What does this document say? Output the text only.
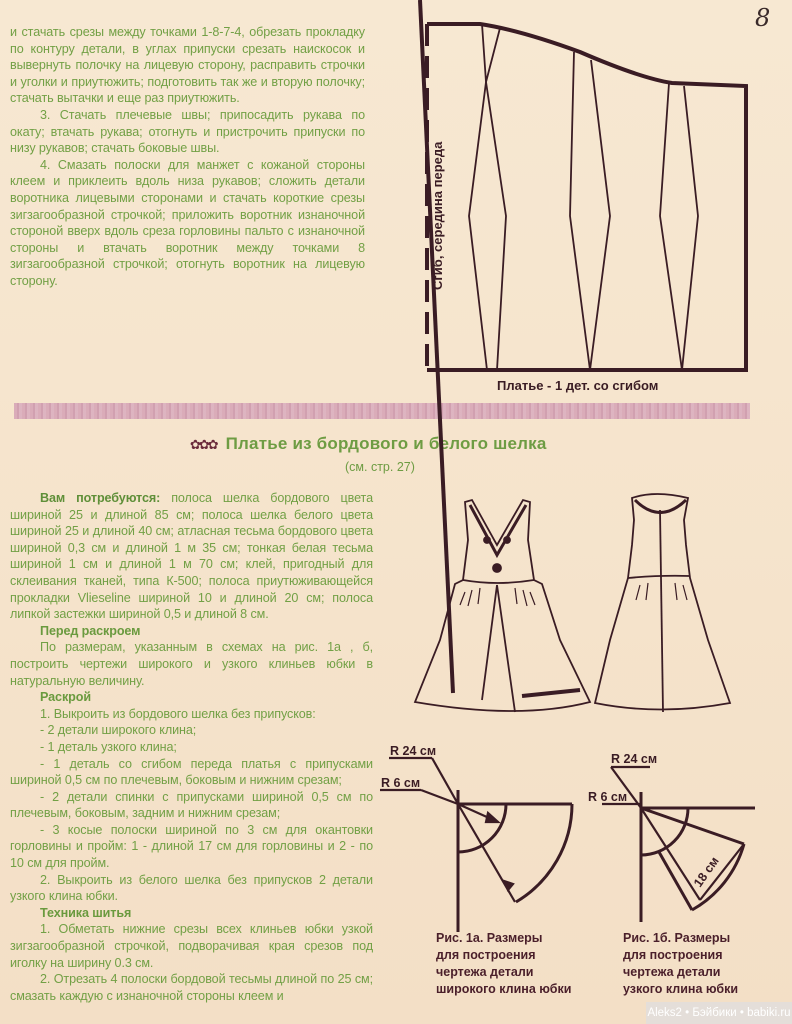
8

и стачать срезы между точками 1-8-7-4, обрезать прокладку по контуру детали, в углах припуски срезать наискосок и вывернуть полочку на лицевую сторону, расправить строчки и уголки и приутюжить; подготовить так же и вторую полочку; стачать вытачки и еще раз приутюжить.

3. Стачать плечевые швы; припосадить рукава по окату; втачать рукава; отогнуть и пристрочить припуски по низу рукавов; стачать боковые швы.

4. Смазать полоски для манжет с кожаной стороны клеем и приклеить вдоль низа рукавов; сложить детали воротника лицевыми сторонами и стачать короткие срезы зигзагообразной строчкой; приложить воротник изнаночной стороной вверх вдоль среза горловины пальто с изнаночной стороны и втачать воротник между точками 8 зигзагообразной строчкой; отогнуть воротник на лицевую сторону.	Сгиб, середина переда
Платье - 1 дет. со сгибом
✿✿✿ Платье из бордового и белого шелка
(см. стр. 27)

Вам потребуются: полоса шелка бордового цвета шириной 25 и длиной 85 см; полоса шелка белого цвета шириной 25 и длиной 40 см; атласная тесьма бордового цвета шириной 0,3 см и длиной 1 м 35 см; тонкая белая тесьма шириной 1 см и длиной 1 м 70 см; клей, пригодный для склеивания тканей, типа К-500; полоса приутюживающейся прокладки Vlieseline шириной 10 и длиной 20 см; полоса липкой застежки шириной 0,5 и длиной 8 см.

Перед раскроем

По размерам, указанным в схемах на рис. 1а , б, построить чертежи широкого и узкого клиньев юбки в натуральную величину.

Раскрой

1. Выкроить из бордового шелка без припусков:

- 2 детали широкого клина;

- 1 деталь узкого клина;

- 1 деталь со сгибом переда платья с припусками шириной 0,5 см по плечевым, боковым и нижним срезам;

- 2 детали спинки с припусками шириной 0,5 см по плечевым, боковым, задним и нижним срезам;

- 3 косые полоски шириной по 3 см для окантовки горловины и пройм: 1 - длиной 17 см для горловины и 2 - по 10 см для пройм.

2. Выкроить из белого шелка без припусков 2 детали узкого клина юбки.

Техника шитья

1. Обметать нижние срезы всех клиньев юбки узкой зигзагообразной строчкой, подворачивая края срезов под иголку на ширину 0.3 см.

2. Отрезать 4 полоски бордовой тесьмы длиной по 25 см; смазать каждую с изнаночной стороны клеем и

R 24 см
R 6 см
R 24 см
R 6 см
18 см
Рис. 1а. Размеры
для построения
чертежа детали
широкого клина юбки
Рис. 1б. Размеры
для построения
чертежа детали
узкого клина юбки
Aleks2 • Бэйбики • babiki.ru
